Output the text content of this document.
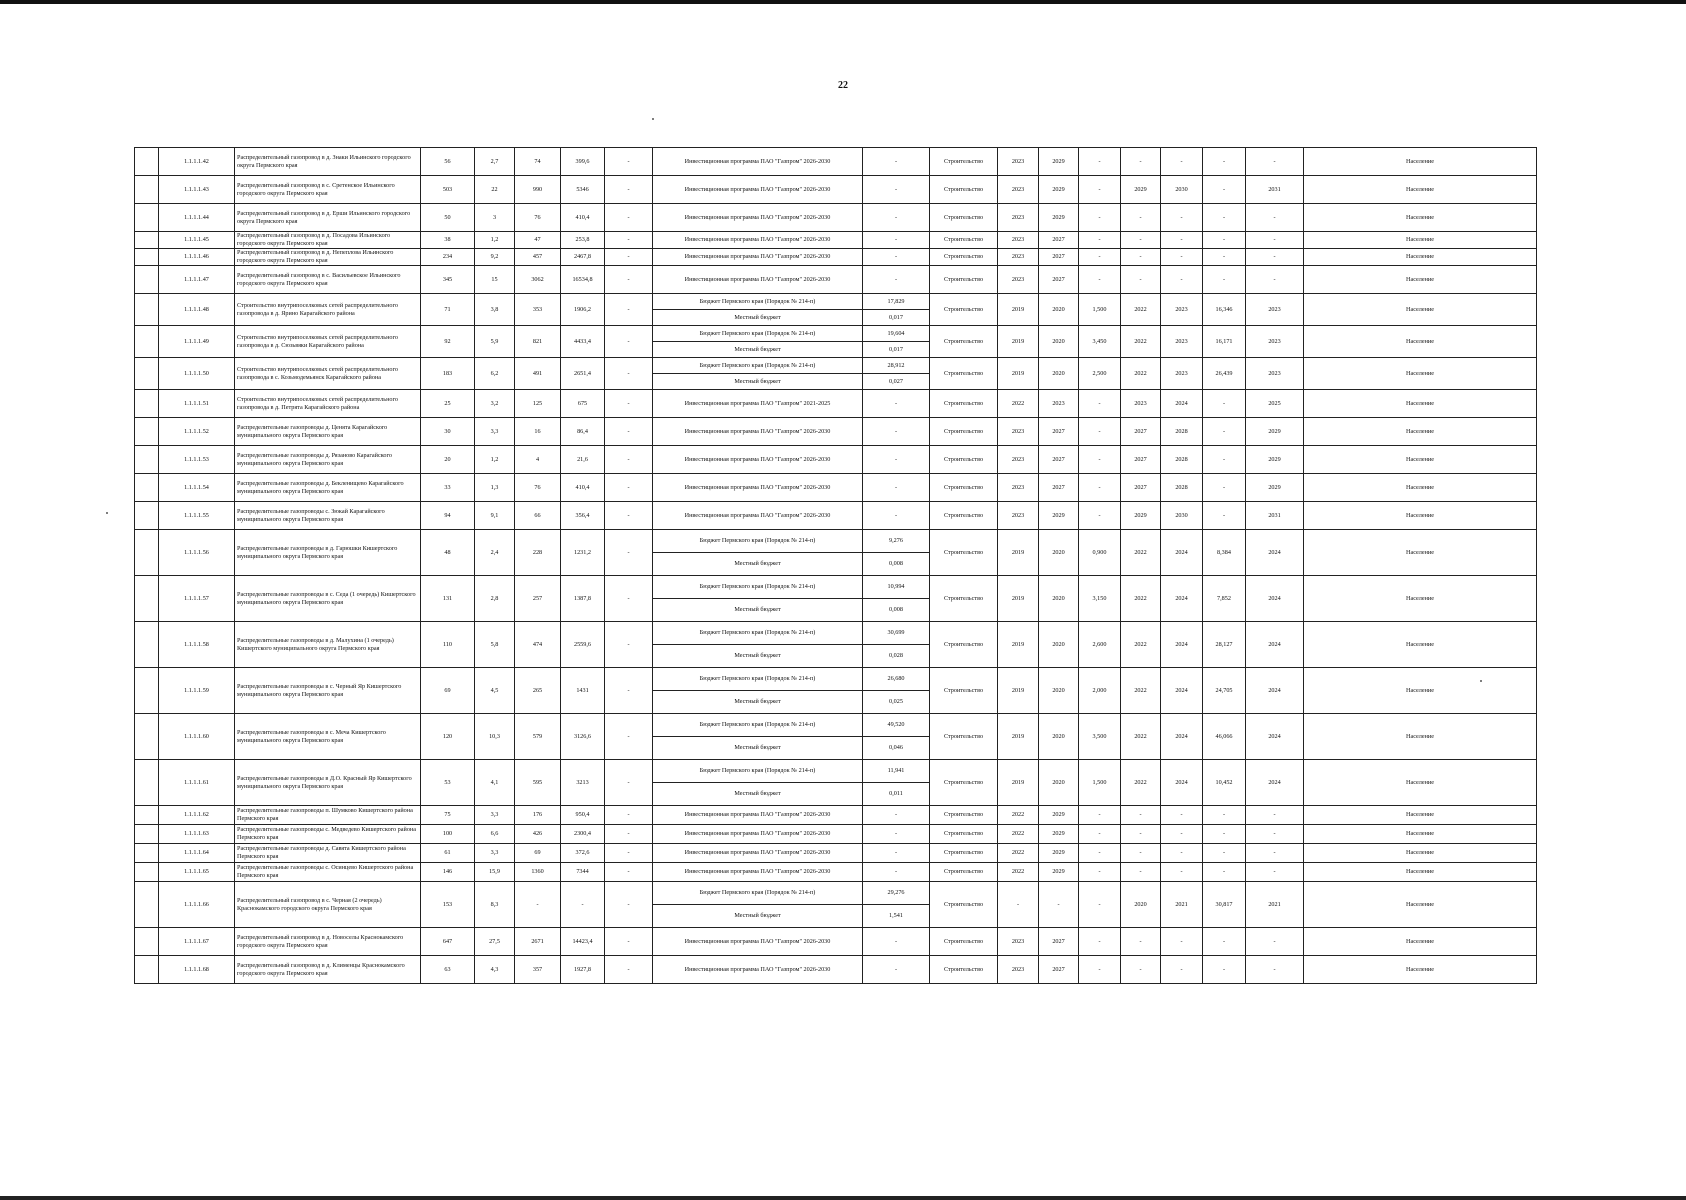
22
	1.1.1.1.42	Распределительный газопровод в д. Знаки Ильинского городского округа Пермского края	56	2,7	74	399,6	-	Инвестиционная программа ПАО "Газпром" 2026-2030	-	Строительство	2023	2029	-	-	-	-	-	Население
	1.1.1.1.43	Распределительный газопровод в с. Сретенское Ильинского городского округа Пермского края	503	22	990	5346	-	Инвестиционная программа ПАО "Газпром" 2026-2030	-	Строительство	2023	2029	-	2029	2030	-	2031	Население
	1.1.1.1.44	Распределительный газопровод в д. Ерши Ильинского городского округа Пермского края	50	3	76	410,4	-	Инвестиционная программа ПАО "Газпром" 2026-2030	-	Строительство	2023	2029	-	-	-	-	-	Население
	1.1.1.1.45	Распределительный газопровод в д. Посадова Ильинского городского округа Пермского края	38	1,2	47	253,8	-	Инвестиционная программа ПАО "Газпром" 2026-2030	-	Строительство	2023	2027	-	-	-	-	-	Население
	1.1.1.1.46	Распределительный газопровод в д. Непеплова Ильинского городского округа Пермского края	234	9,2	457	2467,8	-	Инвестиционная программа ПАО "Газпром" 2026-2030	-	Строительство	2023	2027	-	-	-	-	-	Население
	1.1.1.1.47	Распределительный газопровод в с. Васильевское Ильинского городского округа Пермского края	345	15	3062	16534,8	-	Инвестиционная программа ПАО "Газпром" 2026-2030	-	Строительство	2023	2027	-	-	-	-	-	Население
	1.1.1.1.48	Строительство внутрипоселковых сетей распределительного газопровода в д. Ярино Карагайского района	71	3,8	353	1906,2	-	Бюджет Пермского края (Порядок № 214-п)	17,829	Строительство	2019	2020	1,500	2022	2023	16,346	2023	Население
								Местный бюджет	0,017									
	1.1.1.1.49	Строительство внутрипоселковых сетей распределительного газопровода в д. Сюзьвяки Карагайского района	92	5,9	821	4433,4	-	Бюджет Пермского края (Порядок № 214-п)	19,604	Строительство	2019	2020	3,450	2022	2023	16,171	2023	Население
								Местный бюджет	0,017									
	1.1.1.1.50	Строительство внутрипоселковых сетей распределительного газопровода в с. Козьмодемьянск Карагайского района	183	6,2	491	2651,4	-	Бюджет Пермского края (Порядок № 214-п)	28,912	Строительство	2019	2020	2,500	2022	2023	26,439	2023	Население
								Местный бюджет	0,027									
	1.1.1.1.51	Строительство внутрипоселковых сетей распределительного газопровода в д. Петрята Карагайского района	25	3,2	125	675	-	Инвестиционная программа ПАО "Газпром" 2021-2025	-	Строительство	2022	2023	-	2023	2024	-	2025	Население
	1.1.1.1.52	Распределительные газопроводы д. Ценята Карагайского муниципального округа Пермского края	30	3,3	16	86,4	-	Инвестиционная программа ПАО "Газпром" 2026-2030	-	Строительство	2023	2027	-	2027	2028	-	2029	Население
	1.1.1.1.53	Распределительные газопроводы д. Рязаново Карагайского муниципального округа Пермского края	20	1,2	4	21,6	-	Инвестиционная программа ПАО "Газпром" 2026-2030	-	Строительство	2023	2027	-	2027	2028	-	2029	Население
	1.1.1.1.54	Распределительные газопроводы д. Бекленищево Карагайского муниципального округа Пермского края	33	1,3	76	410,4	-	Инвестиционная программа ПАО "Газпром" 2026-2030	-	Строительство	2023	2027	-	2027	2028	-	2029	Население
	1.1.1.1.55	Распределительные газопроводы с. Зюкай Карагайского муниципального округа Пермского края	94	9,1	66	356,4	-	Инвестиционная программа ПАО "Газпром" 2026-2030	-	Строительство	2023	2029	-	2029	2030	-	2031	Население
	1.1.1.1.56	Распределительные газопроводы в д. Гарюшки Кишертского муниципального округа Пермского края	48	2,4	228	1231,2	-	Бюджет Пермского края (Порядок № 214-п)	9,276	Строительство	2019	2020	0,900	2022	2024	8,384	2024	Население
								Местный бюджет	0,008									
	1.1.1.1.57	Распределительные газопроводы в с. Седа (1 очередь) Кишертского муниципального округа Пермского края	131	2,8	257	1387,8	-	Бюджет Пермского края (Порядок № 214-п)	10,994	Строительство	2019	2020	3,150	2022	2024	7,852	2024	Население
								Местный бюджет	0,008									
	1.1.1.1.58	Распределительные газопроводы в д. Малухина (1 очередь) Кишертского муниципального округа Пермского края	110	5,8	474	2559,6	-	Бюджет Пермского края (Порядок № 214-п)	30,699	Строительство	2019	2020	2,600	2022	2024	28,127	2024	Население
								Местный бюджет	0,028									
	1.1.1.1.59	Распределительные газопроводы в с. Черный Яр Кишертского муниципального округа Пермского края	69	4,5	265	1431	-	Бюджет Пермского края (Порядок № 214-п)	26,680	Строительство	2019	2020	2,000	2022	2024	24,705	2024	Население
								Местный бюджет	0,025									
	1.1.1.1.60	Распределительные газопроводы в с. Меча Кишертского муниципального округа Пермского края	120	10,3	579	3126,6	-	Бюджет Пермского края (Порядок № 214-п)	49,520	Строительство	2019	2020	3,500	2022	2024	46,066	2024	Население
								Местный бюджет	0,046									
	1.1.1.1.61	Распределительные газопроводы в Д.О. Красный Яр Кишертского муниципального округа Пермского края	53	4,1	595	3213	-	Бюджет Пермского края (Порядок № 214-п)	11,941	Строительство	2019	2020	1,500	2022	2024	10,452	2024	Население
								Местный бюджет	0,011									
	1.1.1.1.62	Распределительные газопроводы п. Шумково Кишертского района Пермского края	75	3,3	176	950,4	-	Инвестиционная программа ПАО "Газпром" 2026-2030	-	Строительство	2022	2029	-	-	-	-	-	Население
	1.1.1.1.63	Распределительные газопроводы с. Медведево Кишертского района Пермского края	100	6,6	426	2300,4	-	Инвестиционная программа ПАО "Газпром" 2026-2030	-	Строительство	2022	2029	-	-	-	-	-	Население
	1.1.1.1.64	Распределительные газопроводы д. Савята Кишертского района Пермского края	61	3,3	69	372,6	-	Инвестиционная программа ПАО "Газпром" 2026-2030	-	Строительство	2022	2029	-	-	-	-	-	Население
	1.1.1.1.65	Распределительные газопроводы с. Осинцево Кишертского района Пермского края	146	15,9	1360	7344	-	Инвестиционная программа ПАО "Газпром" 2026-2030	-	Строительство	2022	2029	-	-	-	-	-	Население
	1.1.1.1.66	Распределительный газопровод в с. Черная (2 очередь) Краснокамского городского округа Пермского края	153	8,3	-	-	-	Бюджет Пермского края (Порядок № 214-п)	29,276	Строительство	-	-	-	2020	2021	30,817	2021	Население
								Местный бюджет	1,541									
	1.1.1.1.67	Распределительный газопровод в д. Новоселы Краснокамского городского округа Пермского края	647	27,5	2671	14423,4	-	Инвестиционная программа ПАО "Газпром" 2026-2030	-	Строительство	2023	2027	-	-	-	-	-	Население
	1.1.1.1.68	Распределительный газопровод в д. Клименцы Краснокамского городского округа Пермского края	63	4,3	357	1927,8	-	Инвестиционная программа ПАО "Газпром" 2026-2030	-	Строительство	2023	2027	-	-	-	-	-	Население
